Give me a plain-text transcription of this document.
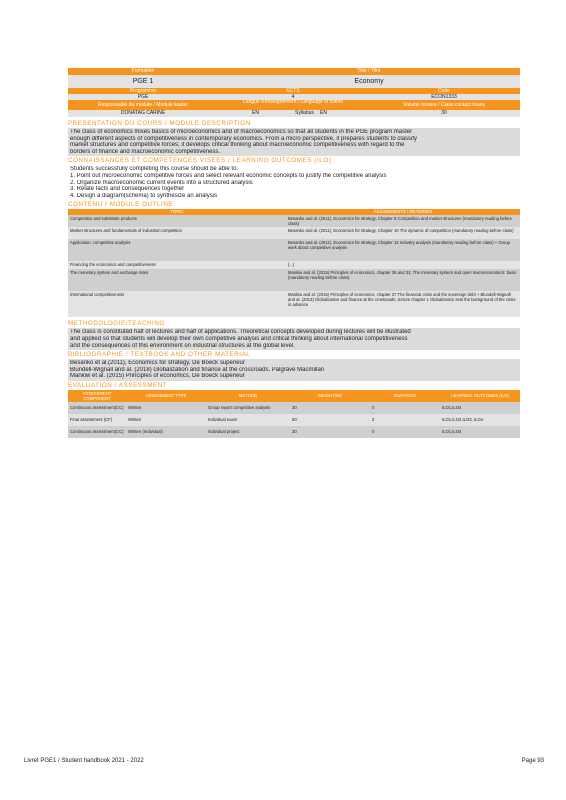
Formation	Title / Titre
PGE 1	Economy
Programme	ECTS	Code
PGE	4	ECON1333
Responsable du module / Module leader	Langue d'enseignement / Language of tuition	Volume horaire / Class contact hours
DONATAG CARINE	EN	Syllabus	EN	30
PRESENTATION DU COURS / MODULE DESCRIPTION
The class of economics mixes basics of microeconomics and of macroeconomics so that all students in the PGE program master
enough different aspects of competitiveness in contemporary economics. From a micro perspective, it prepares students to classify
market structures and competitive forces; it develops critical thinking about macroeconomic competitiveness with regard to the
borders of finance and macroeconomic competitiveness.
CONNAISSANCES ET COMPETENCES VISEES / LEARNING OUTCOMES (ILO)
Students successfully completing this course should be able to:
1. Point out microeconomic competitive forces and select relevant economic concepts to justify the competitive analysis
2. Organize macroeconomic current events into a structured analysis
3. Relate facts and consequences together
4. Design a diagram(schema) to synthesize an analysis
CONTENU / MODULE OUTLINE
TOPIC	ASSIGNMENTS / READINGS
Competition and substitute products	Besanko and al. (2011), Economics for strategy, Chapter 8 Competition and market structures (mandatory reading before class)
Market structures and fundamentals of industrial competition	Besanko and al. (2011), Economics for strategy, Chapter 10 The dynamic of competition (mandatory reading before class)
Application: competitive analysis	Besanko and al. (2011), Economics for strategy, Chapter 12 Industry analysis (mandatory reading before class) + Group work about competitive analysis
Financing the economics and competitiveness	(...)
The monetary system and exchange rates	Mankiw and al. (2015) Principles of economics, chapter 36 and 33, The monetary system and open macroeconomics: basic (mandatory reading before class)
International competitiveness	Mankiw and al. (2015) Principles of economics, chapter 37 The financial crisis and the sovereign debt + Blundell-Wignall and al. (2013) Globalization and finance at the crossroads, lecture chapter 1 Globalization sets the background of the crisis in advance
METHODOLOGIE/TEACHING
The class is constituted half of lectures and half of applications. Theoretical concepts developed during lectures will be illustrated
and applied so that students will develop their own competitive analysis and critical thinking about international competitiveness
and the consequences of this environment on industrial structures at the global level.
BIBLIOGRAPHIE / TEXTBOOK AND OTHER MATERIAL
Besanko et al.(2011), Economics for strategy, De Boeck superieur
Blundell-Wignall and al. (2018) Globalization and finance at the crossroads, Palgrave Macmillan
Mankiw et al. (2015) Principles of economics, De Boeck superieur
EVALUATION / ASSESSMENT
ASSESSMENT COMPONENT	ASSESSMENT TYPE	METHOD	WEIGHTING	DURATION	LEARNING OUTCOMES (ILO)
Continuous assessment(CC)	Written	Group report competitive analysis	20	0	ILO1,ILO4
Final assessment (CF)	Written	Individual exam	60	2	ILO1,ILO2,ILO3, ILO4
Continuous assessment(CC)	Written (Individual)	Individual project	20	0	ILO1,ILO4
Livret PGE1 / Student handbook 2021 - 2022	Page 93
